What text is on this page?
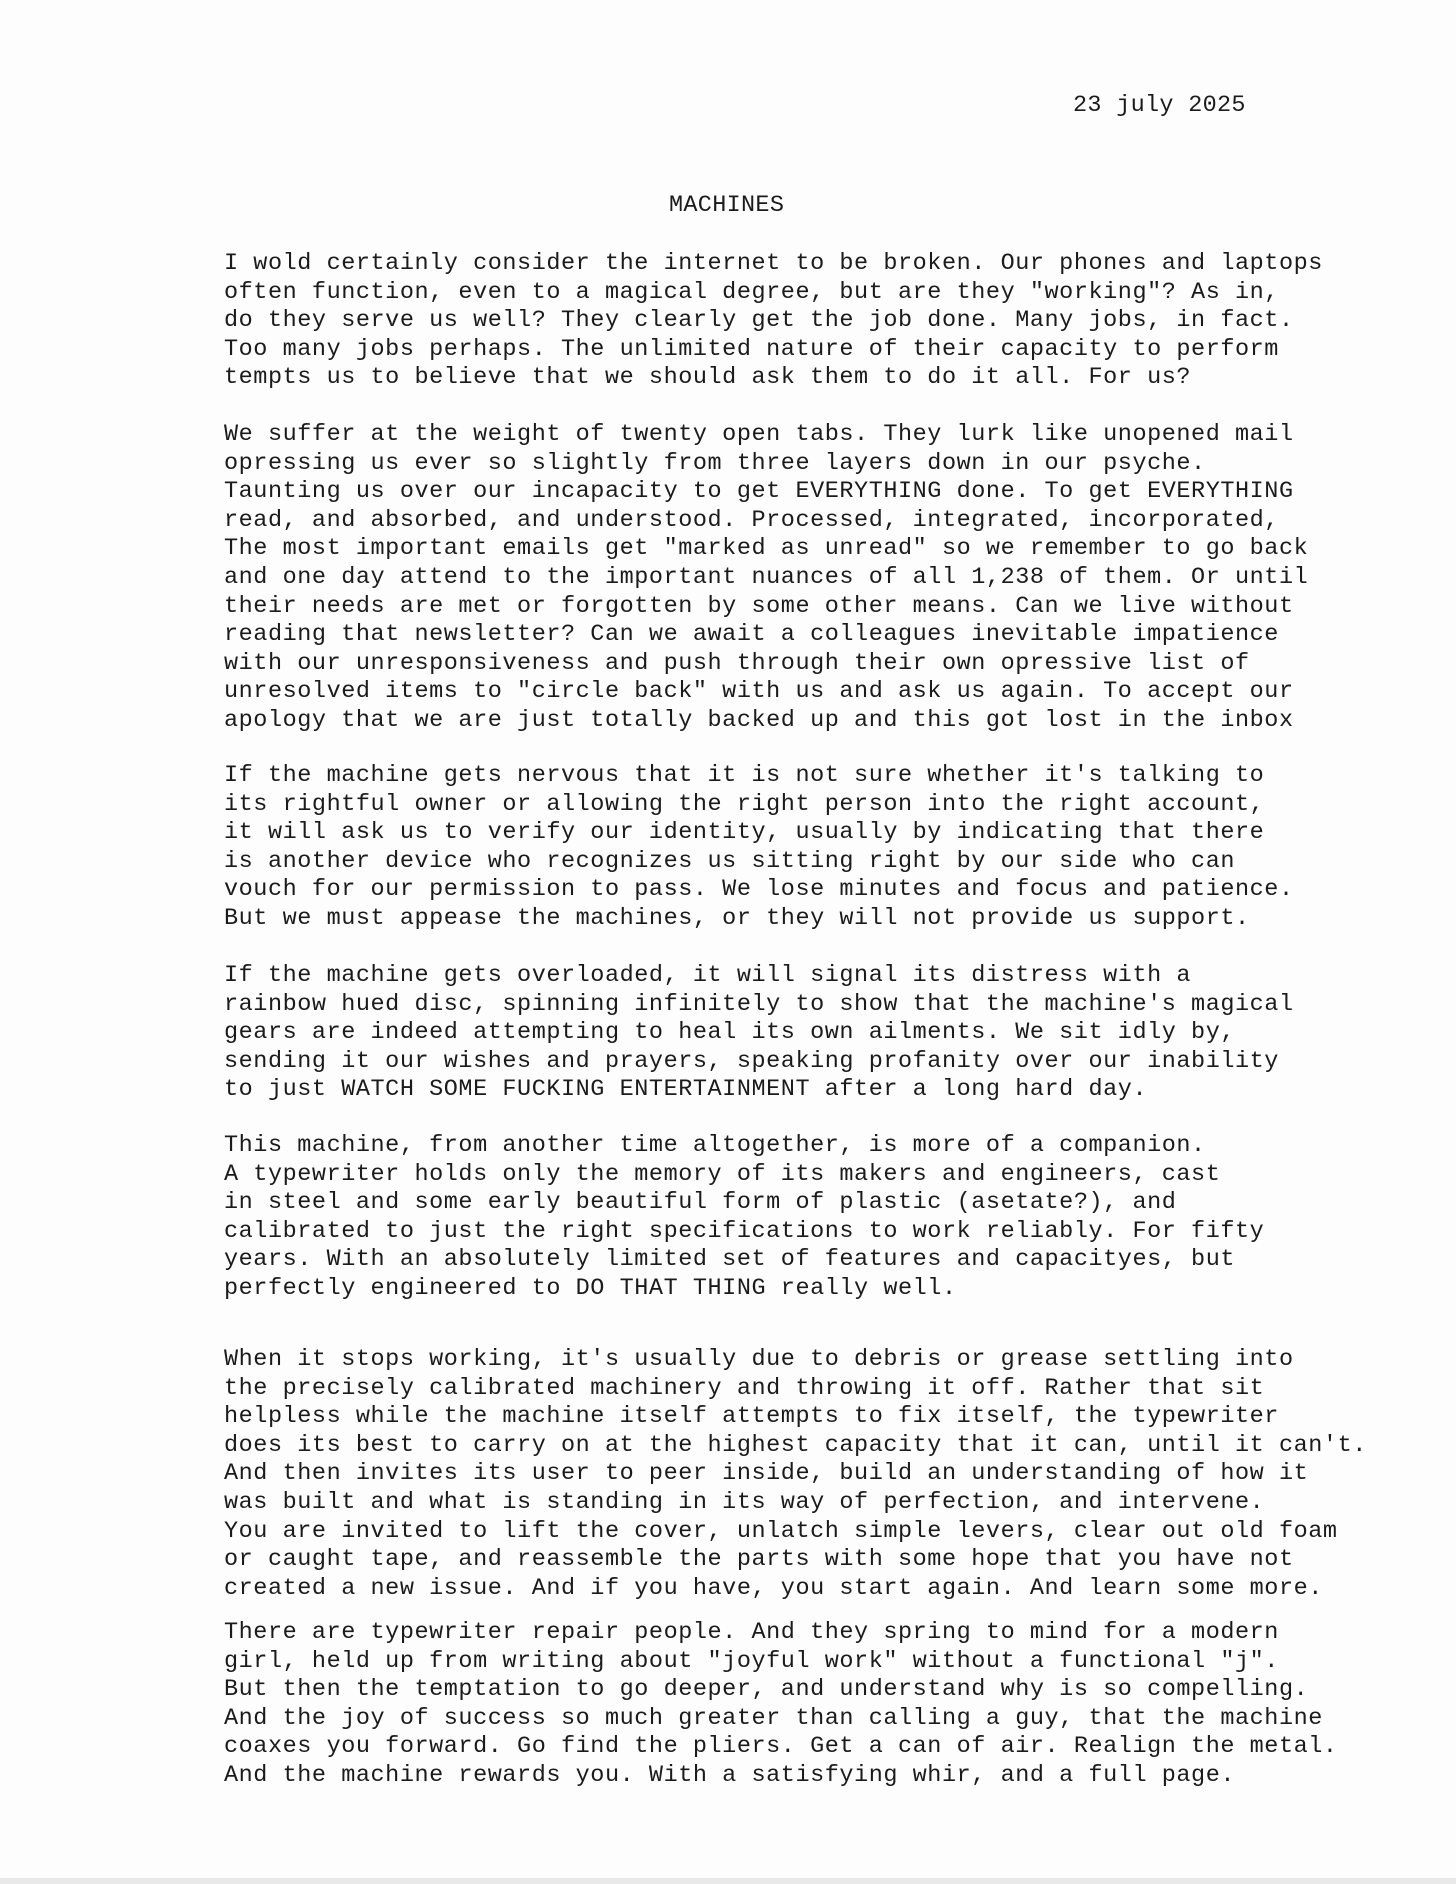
23 july 2025
MACHINES
I wold certainly consider the internet to be broken. Our phones and laptops
often function, even to a magical degree, but are they "working"? As in,
do they serve us well? They clearly get the job done. Many jobs, in fact.
Too many jobs perhaps. The unlimited nature of their capacity to perform
tempts us to believe that we should ask them to do it all. For us?
We suffer at the weight of twenty open tabs. They lurk like unopened mail
opressing us ever so slightly from three layers down in our psyche.
Taunting us over our incapacity to get EVERYTHING done. To get EVERYTHING
read, and absorbed, and understood. Processed, integrated, incorporated,
The most important emails get "marked as unread" so we remember to go back
and one day attend to the important nuances of all 1,238 of them. Or until
their needs are met or forgotten by some other means. Can we live without
reading that newsletter? Can we await a colleagues inevitable impatience
with our unresponsiveness and push through their own opressive list of
unresolved items to "circle back" with us and ask us again. To accept our
apology that we are just totally backed up and this got lost in the inbox
If the machine gets nervous that it is not sure whether it's talking to
its rightful owner or allowing the right person into the right account,
it will ask us to verify our identity, usually by indicating that there
is another device who recognizes us sitting right by our side who can
vouch for our permission to pass. We lose minutes and focus and patience.
But we must appease the machines, or they will not provide us support.
If the machine gets overloaded, it will signal its distress with a
rainbow hued disc, spinning infinitely to show that the machine's magical
gears are indeed attempting to heal its own ailments. We sit idly by,
sending it our wishes and prayers, speaking profanity over our inability
to just WATCH SOME FUCKING ENTERTAINMENT after a long hard day.
This machine, from another time altogether, is more of a companion.
A typewriter holds only the memory of its makers and engineers, cast
in steel and some early beautiful form of plastic (asetate?), and
calibrated to just the right specifications to work reliably. For fifty
years. With an absolutely limited set of features and capacityes, but
perfectly engineered to DO THAT THING really well.
When it stops working, it's usually due to debris or grease settling into
the precisely calibrated machinery and throwing it off. Rather that sit
helpless while the machine itself attempts to fix itself, the typewriter
does its best to carry on at the highest capacity that it can, until it can't.
And then invites its user to peer inside, build an understanding of how it
was built and what is standing in its way of perfection, and intervene.
You are invited to lift the cover, unlatch simple levers, clear out old foam
or caught tape, and reassemble the parts with some hope that you have not
created a new issue. And if you have, you start again. And learn some more.
There are typewriter repair people. And they spring to mind for a modern
girl, held up from writing about "joyful work" without a functional "j".
But then the temptation to go deeper, and understand why is so compelling.
And the joy of success so much greater than calling a guy, that the machine
coaxes you forward. Go find the pliers. Get a can of air. Realign the metal.
And the machine rewards you. With a satisfying whir, and a full page.
